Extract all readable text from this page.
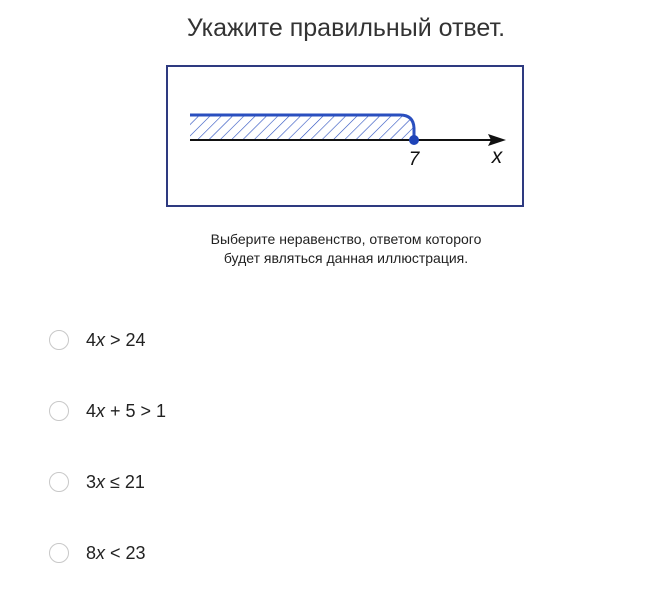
Укажите правильный ответ.
7	x
Выберите неравенство, ответом которого
будет являться данная иллюстрация.
4x > 24
4x + 5 > 1
3x ≤ 21
8x < 23
